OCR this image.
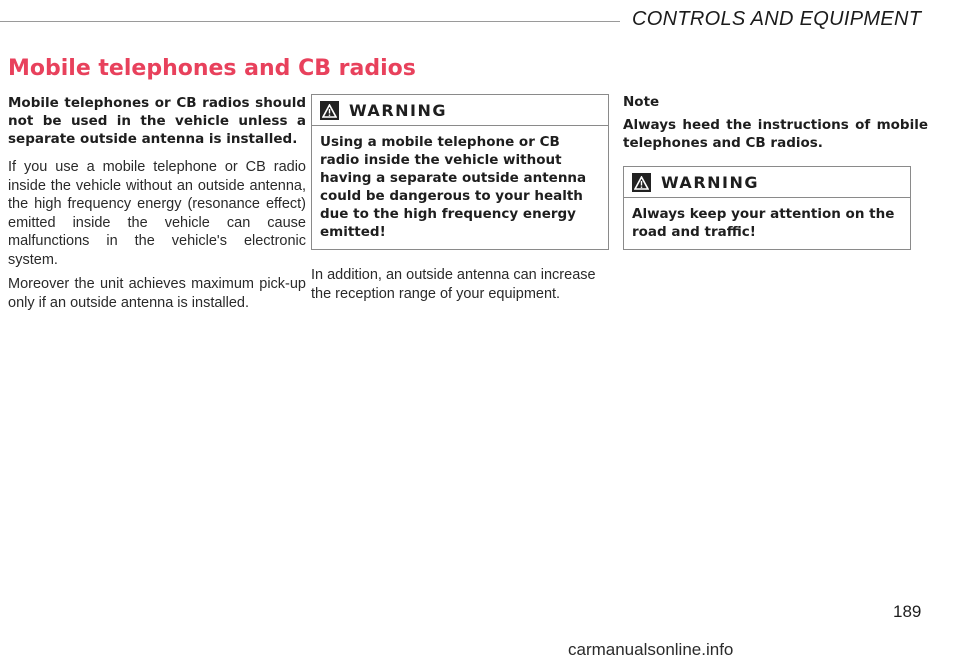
CONTROLS AND EQUIPMENT
Mobile telephones and CB radios

Mobile telephones or CB radios should not be used in the vehicle unless a separate outside antenna is installed.

If you use a mobile telephone or CB radio inside the vehicle without an outside antenna, the high frequency energy (resonance effect) emitted inside the vehicle can cause malfunctions in the vehicle's electronic system.

Moreover the unit achieves maximum pick-up only if an outside antenna is installed.

WARNING

Using a mobile telephone or CB radio inside the vehicle without having a separate outside antenna could be dangerous to your health due to the high frequency energy emitted!

In addition, an outside antenna can increase the reception range of your equipment.

Note

Always heed the instructions of mobile telephones and CB radios.

WARNING

Always keep your attention on the road and traffic!

189
carmanualsonline.info
